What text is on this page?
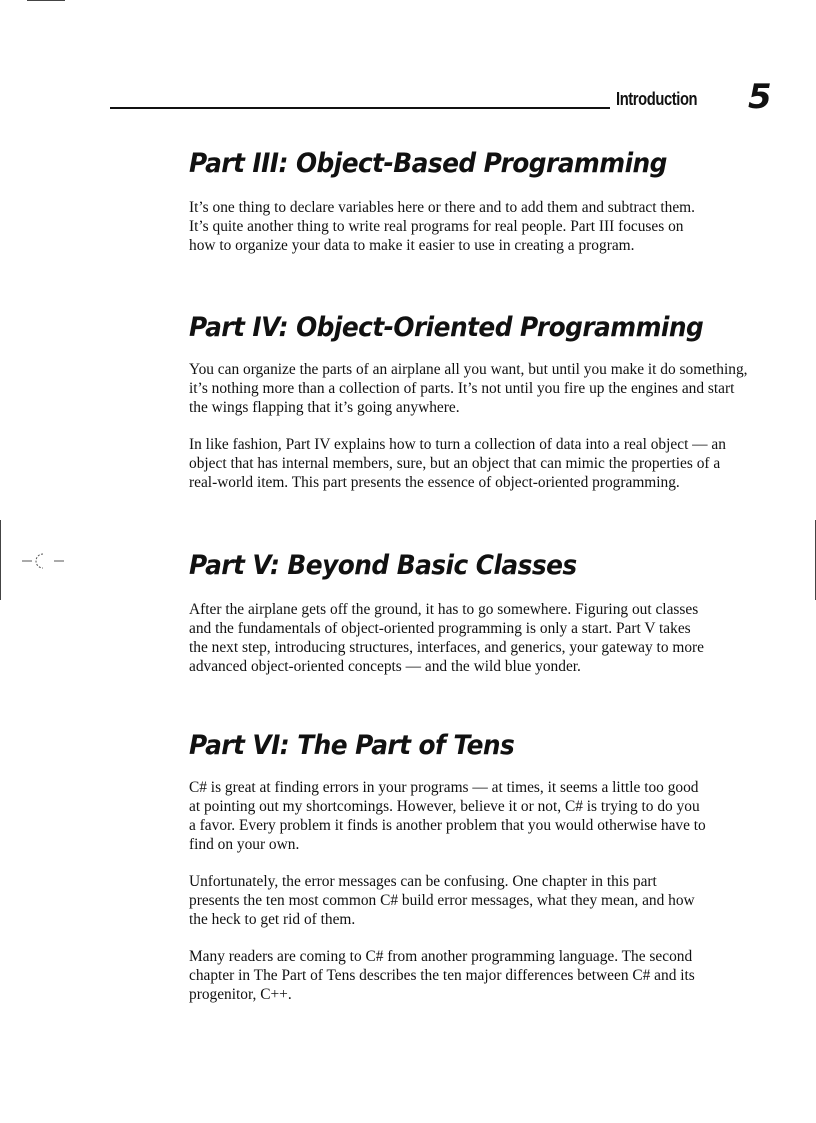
Introduction 5
Part III: Object-Based Programming

It’s one thing to declare variables here or there and to add them and subtract them. It’s quite another thing to write real programs for real people. Part III focuses on how to organize your data to make it easier to use in creating a program.

Part IV: Object-Oriented Programming

You can organize the parts of an airplane all you want, but until you make it do something, it’s nothing more than a collection of parts. It’s not until you fire up the engines and start the wings flapping that it’s going anywhere.

In like fashion, Part IV explains how to turn a collection of data into a real object — an object that has internal members, sure, but an object that can mimic the properties of a real-world item. This part presents the essence of object-oriented programming.

Part V: Beyond Basic Classes

After the airplane gets off the ground, it has to go somewhere. Figuring out classes and the fundamentals of object-oriented programming is only a start. Part V takes the next step, introducing structures, interfaces, and generics, your gateway to more advanced object-oriented concepts — and the wild blue yonder.

Part VI: The Part of Tens

C# is great at finding errors in your programs — at times, it seems a little too good at pointing out my shortcomings. However, believe it or not, C# is trying to do you a favor. Every problem it finds is another problem that you would otherwise have to find on your own.

Unfortunately, the error messages can be confusing. One chapter in this part presents the ten most common C# build error messages, what they mean, and how the heck to get rid of them.

Many readers are coming to C# from another programming language. The second chapter in The Part of Tens describes the ten major differences between C# and its progenitor, C++.
